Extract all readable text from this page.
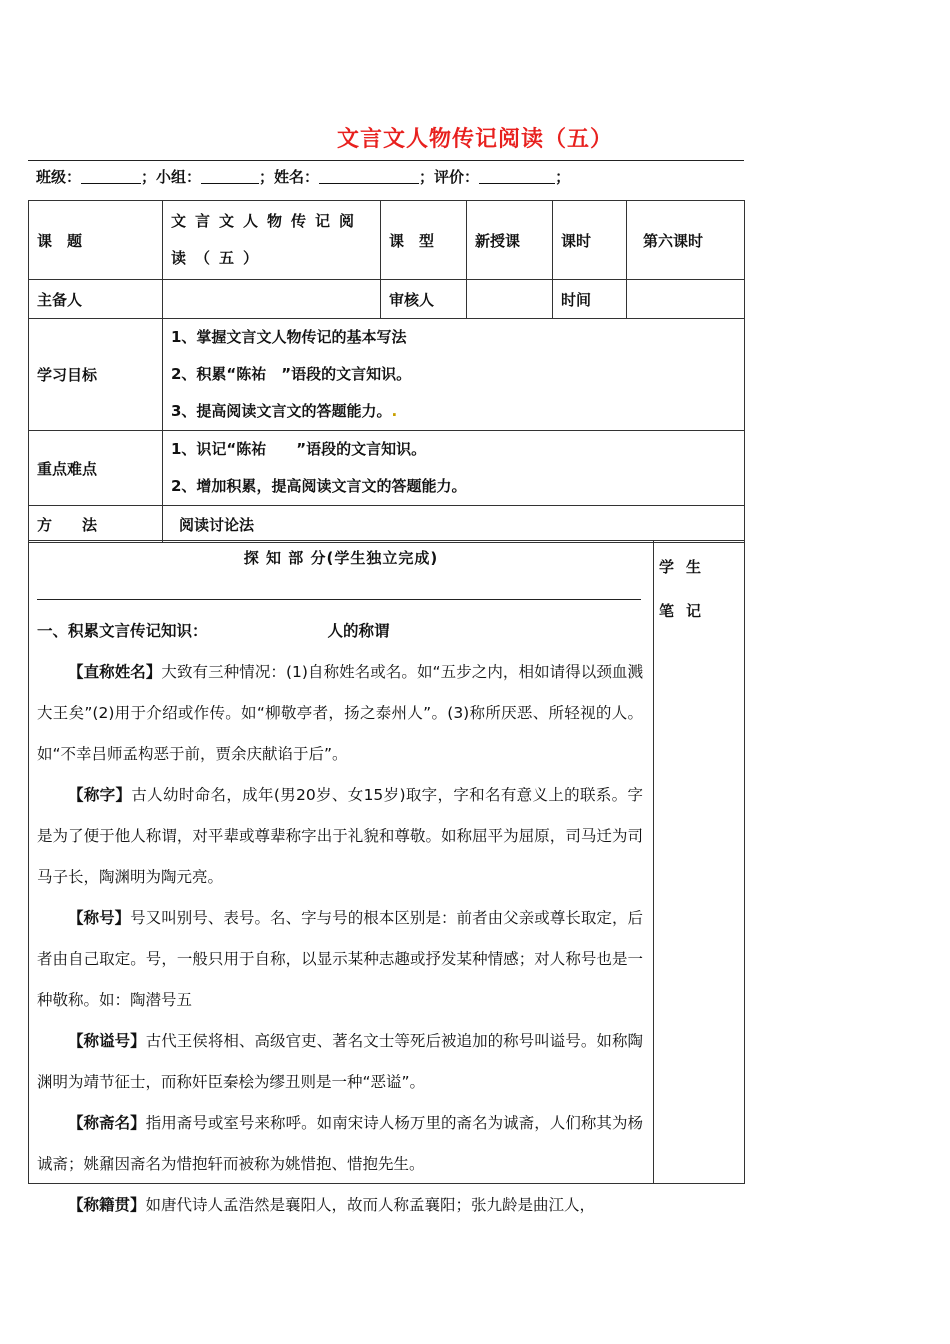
文言文人物传记阅读（五）
班级：	；小组：	；姓名：	；评价：	；
课　题	文言文人物传记阅读（五）	课　型	新授课	课时	第六课时
主备人		审核人		时间	
学习目标	1、掌握文言文人物传记的基本写法
2、积累“陈祐　”语段的文言知识。
3、提高阅读文言文的答题能力。.				

重点难点	1、识记“陈祐　　”语段的文言知识。
2、增加积累，提高阅读文言文的答题能力。				

方　　法	阅读讨论法				
探 知 部 分(学生独立完成)	学生笔记

一、积累文言传记知识：	人的称谓

【直称姓名】大致有三种情况：(1)自称姓名或名。如“五步之内，相如请得以颈血溅大王矣”(2)用于介绍或作传。如“柳敬亭者，扬之泰州人”。(3)称所厌恶、所轻视的人。如“不幸吕师孟构恶于前，贾余庆献谄于后”。

【称字】古人幼时命名，成年(男20岁、女15岁)取字，字和名有意义上的联系。字是为了便于他人称谓，对平辈或尊辈称字出于礼貌和尊敬。如称屈平为屈原，司马迁为司马子长，陶渊明为陶元亮。

【称号】号又叫别号、表号。名、字与号的根本区别是：前者由父亲或尊长取定，后者由自己取定。号，一般只用于自称，以显示某种志趣或抒发某种情感；对人称号也是一种敬称。如：陶潜号五

【称谥号】古代王侯将相、高级官吏、著名文士等死后被追加的称号叫谥号。如称陶渊明为靖节征士，而称奸臣秦桧为缪丑则是一种“恶谥”。

【称斋名】指用斋号或室号来称呼。如南宋诗人杨万里的斋名为诚斋，人们称其为杨诚斋；姚鼐因斋名为惜抱轩而被称为姚惜抱、惜抱先生。

【称籍贯】如唐代诗人孟浩然是襄阳人，故而人称孟襄阳；张九龄是曲江人，
